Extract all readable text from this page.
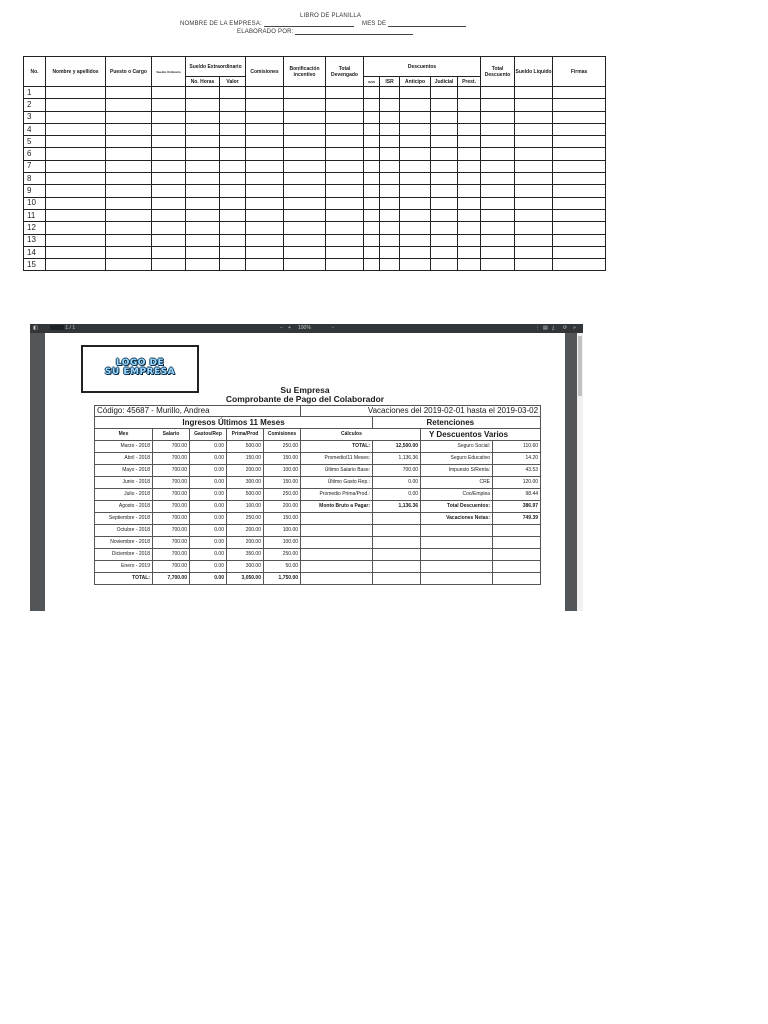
LIBRO DE PLANILLA
NOMBRE DE LA EMPRESA:	MES DE
ELABORADO POR:
No.	Nombre y apellidos	Puesto o Cargo	Sueldo Ordinario	Sueldo Extraordinario		Comisiones	Bonificación incentivo	Total Devengado	Descuentos					Total Descuento	Sueldo Líquido	Firmas
				No. Horas	Valor				IGSS	ISR	Anticipo	Judicial	Prest.			
1																
2																
3																
4																
5																
6																
7																
8																
9																
10																
11																
12																
13																
14																
15																
◧	1 / 1	− + 100%	▫	⋮ ▤ ⤓ ⟳ »
LOGO DE
SU EMPRESA
Su Empresa
Comprobante de Pago del Colaborador
Código: 45687 - Murillo, Andrea					Vacaciones del 2019-02-01 hasta el 2019-03-02			
Ingresos Últimos 11 Meses							Retenciones	
Mes	Salario	Gastos/Rep	Prima/Prod	Comisiones	Cálculos		Y Descuentos Varios	
Marzo - 2018	700.00	0.00	500.00	250.00	TOTAL:	12,500.00	Seguro Social:	110.60
Abril - 2018	700.00	0.00	150.00	150.00	Promedio/11 Meses:	1,136.36	Seguro Educativo	14.20
Mayo - 2018	700.00	0.00	200.00	100.00	Último Salario Base:	700.00	Impuesto S/Renta:	43.53
Junio - 2018	700.00	0.00	300.00	150.00	Último Gasto Rep.:	0.00	CRE	120.00
Julio - 2018	700.00	0.00	500.00	250.00	Promedio Prima/Prod.:	0.00	Coo/Emplea	98.44
Agosto - 2018	700.00	0.00	100.00	200.00	Monto Bruto a Pagar:	1,136.36	Total Descuentos:	386.97
Septiembre - 2018	700.00	0.00	250.00	150.00			Vacaciones Netas:	749.39
Octubre - 2018	700.00	0.00	200.00	100.00				
Noviembre - 2018	700.00	0.00	200.00	100.00				
Diciembre - 2018	700.00	0.00	350.00	250.00				
Enero - 2019	700.00	0.00	300.00	50.00				
TOTAL:	7,700.00	0.00	3,050.00	1,750.00				
